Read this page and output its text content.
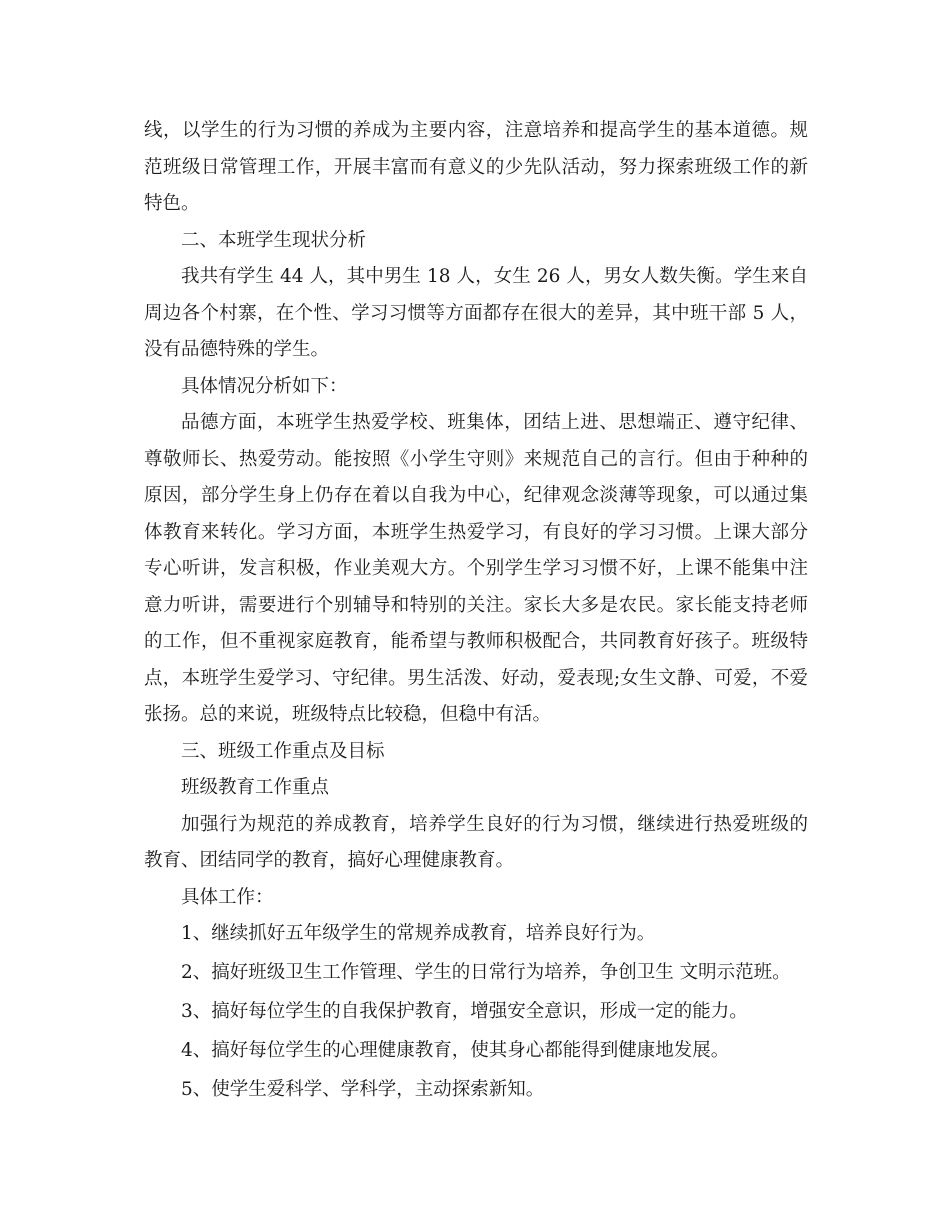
线，以学生的行为习惯的养成为主要内容，注意培养和提高学生的基本道德。规范班级日常管理工作，开展丰富而有意义的少先队活动，努力探索班级工作的新特色。

二、本班学生现状分析

我共有学生 44 人，其中男生 18 人，女生 26 人，男女人数失衡。学生来自周边各个村寨，在个性、学习习惯等方面都存在很大的差异，其中班干部 5 人，没有品德特殊的学生。

具体情况分析如下：

品德方面，本班学生热爱学校、班集体，团结上进、思想端正、遵守纪律、尊敬师长、热爱劳动。能按照《小学生守则》来规范自己的言行。但由于种种的原因，部分学生身上仍存在着以自我为中心，纪律观念淡薄等现象，可以通过集体教育来转化。学习方面，本班学生热爱学习，有良好的学习习惯。上课大部分专心听讲，发言积极，作业美观大方。个别学生学习习惯不好，上课不能集中注意力听讲，需要进行个别辅导和特别的关注。家长大多是农民。家长能支持老师的工作，但不重视家庭教育，能希望与教师积极配合，共同教育好孩子。班级特点，本班学生爱学习、守纪律。男生活泼、好动，爱表现;女生文静、可爱，不爱张扬。总的来说，班级特点比较稳，但稳中有活。

三、班级工作重点及目标

班级教育工作重点

加强行为规范的养成教育，培养学生良好的行为习惯，继续进行热爱班级的教育、团结同学的教育，搞好心理健康教育。

具体工作：

1、继续抓好五年级学生的常规养成教育，培养良好行为。

2、搞好班级卫生工作管理、学生的日常行为培养，争创卫生 文明示范班。

3、搞好每位学生的自我保护教育，增强安全意识，形成一定的能力。

4、搞好每位学生的心理健康教育，使其身心都能得到健康地发展。

5、使学生爱科学、学科学，主动探索新知。
